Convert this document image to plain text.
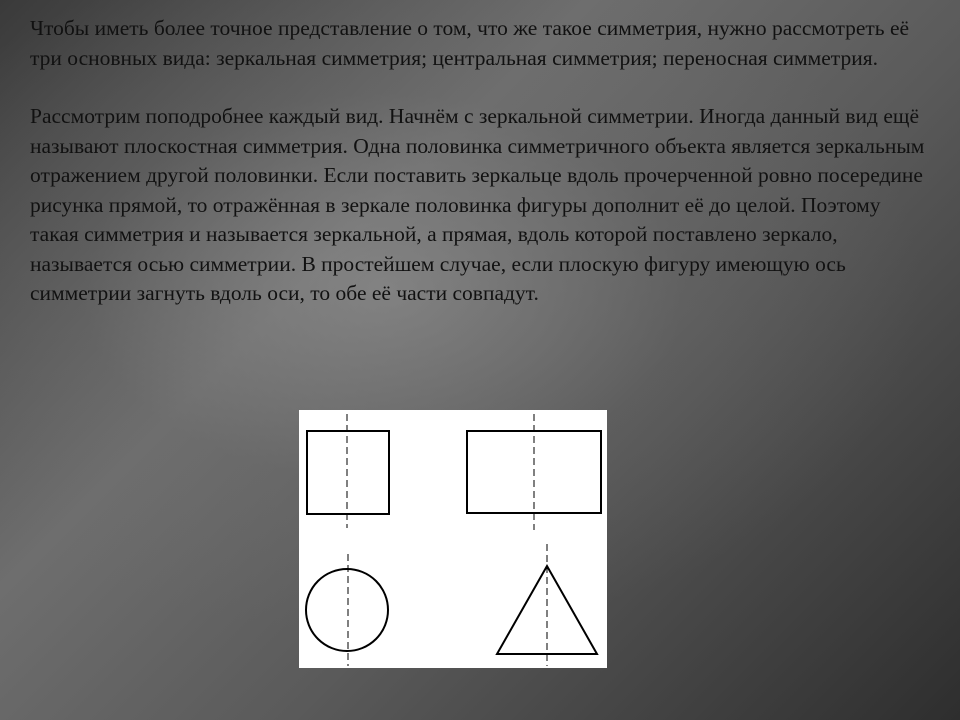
Чтобы иметь более точное представление о том, что же такое симметрия, нужно рассмотреть её три основных вида: зеркальная симметрия; центральная симметрия; переносная симметрия.

Рассмотрим поподробнее каждый вид. Начнём с зеркальной симметрии. Иногда данный вид ещё называют плоскостная симметрия. Одна половинка симметричного объекта является зеркальным отражением другой половинки. Если поставить зеркальце вдоль прочерченной ровно посередине рисунка прямой, то отражённая в зеркале половинка фигуры дополнит её до целой. Поэтому такая симметрия и называется зеркальной, а прямая, вдоль которой поставлено зеркало, называется осью симметрии. В простейшем случае, если плоскую фигуру имеющую ось симметрии загнуть вдоль оси, то обе её части совпадут.
